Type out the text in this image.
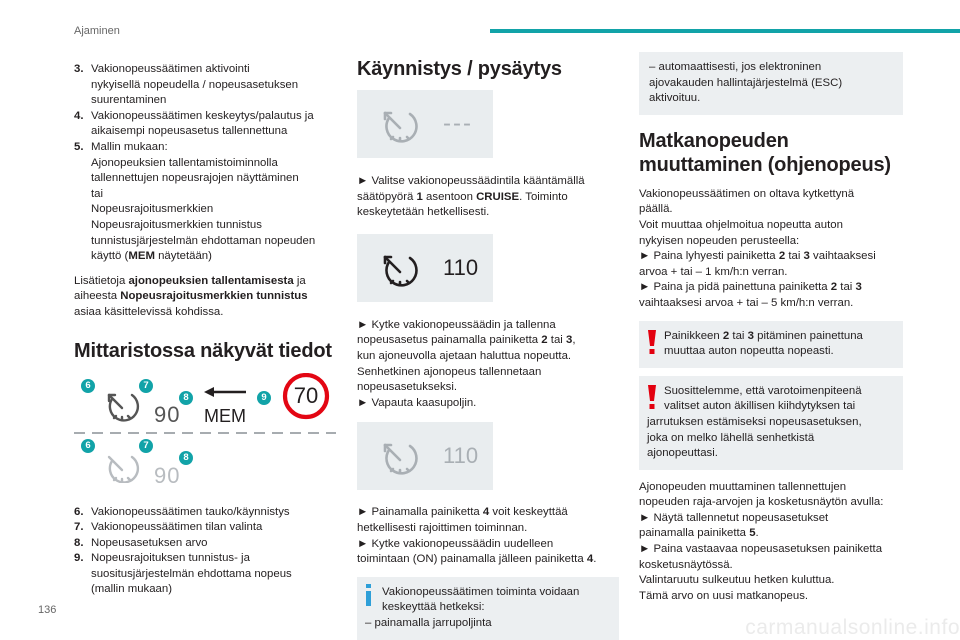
Ajaminen
3. Vakionopeussäätimen aktivointi
nykyisellä nopeudella / nopeusasetuksen
suurentaminen
4. Vakionopeussäätimen keskeytys/palautus ja
aikaisempi nopeusasetus tallennettuna
5. Mallin mukaan:
Ajonopeuksien tallentamistoiminnolla
tallennettujen nopeusrajojen näyttäminen
tai
Nopeusrajoitusmerkkien
Nopeusrajoitusmerkkien tunnistus
tunnistusjärjestelmän ehdottaman nopeuden
käyttö (MEM näytetään)

Lisätietoja ajonopeuksien tallentamisesta ja
aiheesta Nopeusrajoitusmerkkien tunnistus
asiaa käsittelevissä kohdissa.

Mittaristossa näkyvät tiedot
6	7
8	9
6	7
8
90 MEM
70
90
6. Vakionopeussäätimen tauko/käynnistys
7. Vakionopeussäätimen tilan valinta
8. Nopeusasetuksen arvo
9. Nopeusrajoituksen tunnistus- ja
suositusjärjestelmän ehdottama nopeus
(mallin mukaan)
Käynnistys / pysäytys
---

► Valitse vakionopeussäädintila kääntämällä
säätöpyörä 1 asentoon CRUISE. Toiminto
keskeytetään hetkellisesti.

110

► Kytke vakionopeussäädin ja tallenna
nopeusasetus painamalla painiketta 2 tai 3,
kun ajoneuvolla ajetaan haluttua nopeutta.
Senhetkinen ajonopeus tallennetaan
nopeusasetukseksi.
► Vapauta kaasupoljin.

110

► Painamalla painiketta 4 voit keskeyttää
hetkellisesti rajoittimen toiminnan.
► Kytke vakionopeussäädin uudelleen
toimintaan (ON) painamalla jälleen painiketta 4.

Vakionopeussäätimen toiminta voidaan
keskeyttää hetkeksi:
– painamalla jarrupoljinta
– automaattisesti, jos elektroninen
ajovakauden hallintajärjestelmä (ESC)
aktivoituu.
Matkanopeuden
muuttaminen (ohjenopeus)

Vakionopeussäätimen on oltava kytkettynä
päällä.
Voit muuttaa ohjelmoitua nopeutta auton
nykyisen nopeuden perusteella:
► Paina lyhyesti painiketta 2 tai 3 vaihtaaksesi
arvoa + tai – 1 km/h:n verran.
► Paina ja pidä painettuna painiketta 2 tai 3
vaihtaaksesi arvoa + tai – 5 km/h:n verran.

Painikkeen 2 tai 3 pitäminen painettuna
muuttaa auton nopeutta nopeasti.
Suosittelemme, että varotoimenpiteenä
valitset auton äkillisen kiihdytyksen tai
jarrutuksen estämiseksi nopeusasetuksen,
joka on melko lähellä senhetkistä
ajonopeuttasi.

Ajonopeuden muuttaminen tallennettujen
nopeuden raja-arvojen ja kosketusnäytön avulla:
► Näytä tallennetut nopeusasetukset
painamalla painiketta 5.
► Paina vastaavaa nopeusasetuksen painiketta
kosketusnäytössä.
Valintaruutu sulkeutuu hetken kuluttua.
Tämä arvo on uusi matkanopeus.

136
carmanualsonline.info
